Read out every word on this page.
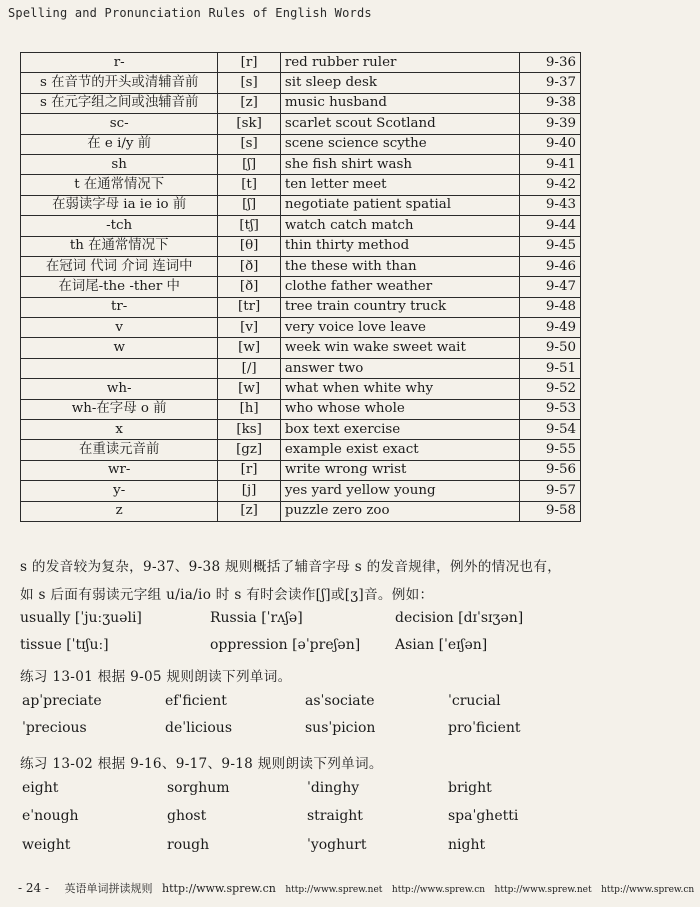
Spelling and Pronunciation Rules of English Words
r-	[r]	red rubber ruler	9-36
s 在音节的开头或清辅音前	[s]	sit sleep desk	9-37
s 在元字组之间或浊辅音前	[z]	music husband	9-38
sc-	[sk]	scarlet scout Scotland	9-39
在 e i/y 前	[s]	scene science scythe	9-40
sh	[ʃ]	she fish shirt wash	9-41
t 在通常情况下	[t]	ten letter meet	9-42
在弱读字母 ia ie io 前	[ʃ]	negotiate patient spatial	9-43
-tch	[tʃ]	watch catch match	9-44
th 在通常情况下	[θ]	thin thirty method	9-45
在冠词 代词 介词 连词中	[ð]	the these with than	9-46
在词尾-the -ther 中	[ð]	clothe father weather	9-47
tr-	[tr]	tree train country truck	9-48
v	[v]	very voice love leave	9-49
w	[w]	week win wake sweet wait	9-50
	[/]	answer two	9-51
wh-	[w]	what when white why	9-52
wh-在字母 o 前	[h]	who whose whole	9-53
x	[ks]	box text exercise	9-54
在重读元音前	[gz]	example exist exact	9-55
wr-	[r]	write wrong wrist	9-56
y-	[j]	yes yard yellow young	9-57
z	[z]	puzzle zero zoo	9-58
s 的发音较为复杂，9-37、9-38 规则概括了辅音字母 s 的发音规律，例外的情况也有，
如 s 后面有弱读元字组 u/ia/io 时 s 有时会读作[ʃ]或[ʒ]音。例如：
usually [ˈjuːʒuəli]	Russia [ˈrʌʃə]	decision [dɪˈsɪʒən]
tissue [ˈtɪʃuː]	oppression [əˈpreʃən] Asian [ˈeɪʃən]
练习 13-01 根据 9-05 规则朗读下列单词。
apˈpreciate	efˈficient	asˈsociate	ˈcrucial
ˈprecious	deˈlicious	susˈpicion	proˈficient
练习 13-02 根据 9-16、9-17、9-18 规则朗读下列单词。
eight	sorghum	ˈdinghy	bright
eˈnough	ghost	straight	spaˈghetti
weight	rough	ˈyoghurt	night
- 24 - 英语单词拼读规则 http://www.sprew.cn http://www.sprew.net http://www.sprew.cn http://www.sprew.net http://www.sprew.cn
